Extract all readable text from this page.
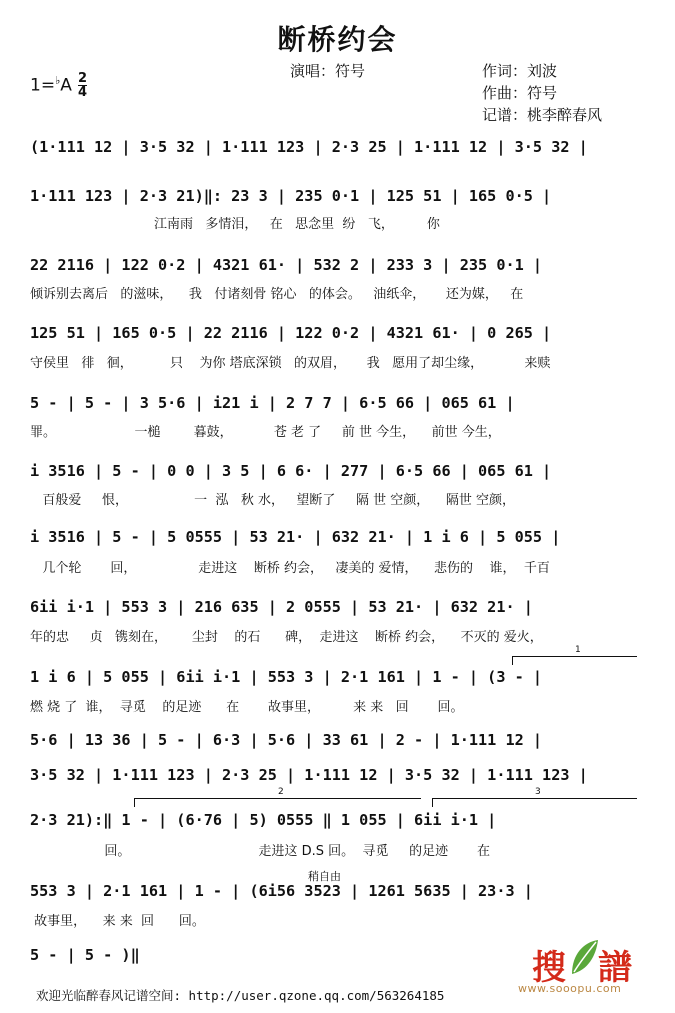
断桥约会
演唱：符号	作词：刘波
作曲：符号
记谱：桃李醉春风
1=♭A 2
4
(1·111 12 | 3·5 32 | 1·111 123 | 2·3 25 | 1·111 12 | 3·5 32 |
1·111 123 | 2·3 21)‖: 23 3 | 235 0·1 | 125 51 | 165 0·5 |
江南雨   多情泪，   在   思念里  纷   飞，        你
22 2116 | 122 0·2 | 4321 61· | 532 2 | 233 3 | 235 0·1 |
倾诉别去离后   的滋味，    我   付诸刻骨 铭心   的体会。   油纸伞，     还为媒，   在
125 51 | 165 0·5 | 22 2116 | 122 0·2 | 4321 61· | 0 265 |
守侯里   徘   徊，         只    为你 塔底深锁   的双眉，     我   愿用了却尘缘，          来赎
5 - | 5 - | 3 5·6 | i21 i | 2 7 7 | 6·5 66 | 065 61 |
罪。                   一槌        暮鼓，          苍 老 了     前 世 今生，    前世 今生，
i 3516 | 5 - | 0 0 | 3 5 | 6 6· | 277 | 6·5 66 | 065 61 |
百般爱     恨，                一  泓   秋 水，   望断了     隔 世 空颜，    隔世 空颜，
i 3516 | 5 - | 5 0555 | 53 21· | 632 21· | 1 i 6 | 5 055 |
几个轮       回，               走进这    断桥 约会，   凄美的 爱情，    悲伤的    谁，  千百
6ii i·1 | 553 3 | 216 635 | 2 0555 | 53 21· | 632 21· |
年的忠     贞   镌刻在，      尘封    的石      碑，  走进这    断桥 约会，    不灭的 爱火，
1
1 i 6 | 5 055 | 6ii i·1 | 553 3 | 2·1 161 | 1 - | (3 - |
燃 烧 了  谁，  寻觅    的足迹      在       故事里，        来 来   回       回。
5·6 | 13 36 | 5 - | 6·3 | 5·6 | 33 61 | 2 - | 1·111 12 |
3·5 32 | 1·111 123 | 2·3 25 | 1·111 12 | 3·5 32 | 1·111 123 |
2	3
2·3 21):‖ 1 - | (6·76 | 5) 0555 ‖ 1 055 | 6ii i·1 |
回。                               走进这 D.S 回。  寻觅     的足迹       在
稍自由
553 3 | 2·1 161 | 1 - | (6i56 3523 | 1261 5635 | 23·3 |
故事里，    来 来  回      回。
5 - | 5 - )‖	搜 譜
www.sooopu.com
欢迎光临醉春风记谱空间: http://user.qzone.qq.com/563264185
